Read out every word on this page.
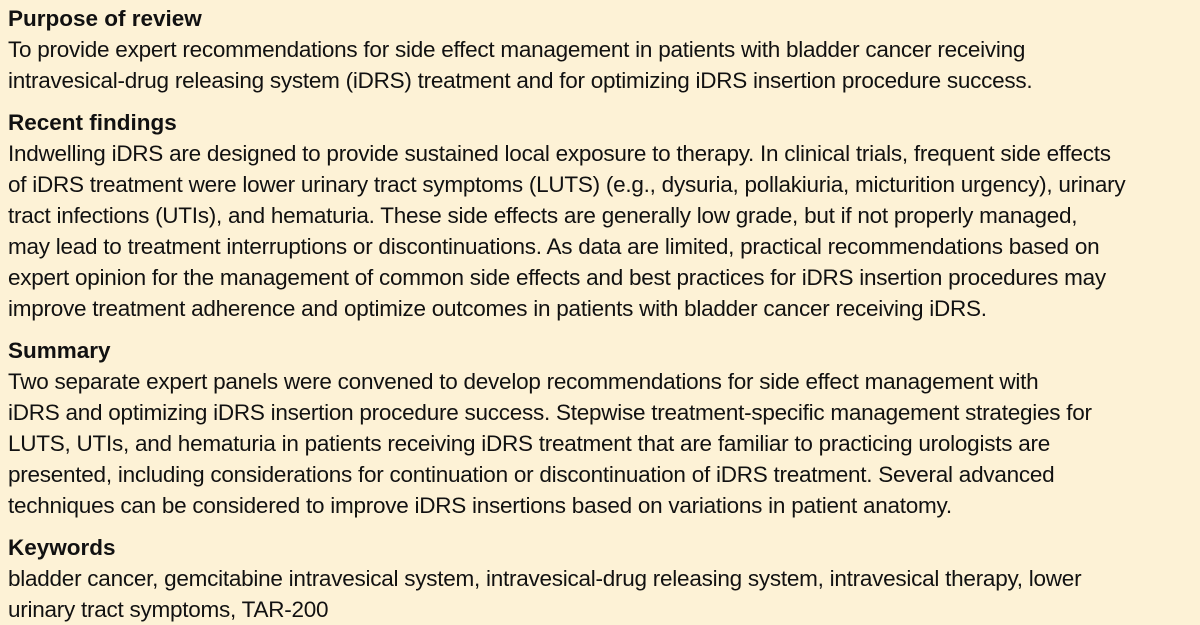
Purpose of review

To provide expert recommendations for side effect management in patients with bladder cancer receiving

intravesical-drug releasing system (iDRS) treatment and for optimizing iDRS insertion procedure success.

Recent findings

Indwelling iDRS are designed to provide sustained local exposure to therapy. In clinical trials, frequent side effects

of iDRS treatment were lower urinary tract symptoms (LUTS) (e.g., dysuria, pollakiuria, micturition urgency), urinary

tract infections (UTIs), and hematuria. These side effects are generally low grade, but if not properly managed,

may lead to treatment interruptions or discontinuations. As data are limited, practical recommendations based on

expert opinion for the management of common side effects and best practices for iDRS insertion procedures may

improve treatment adherence and optimize outcomes in patients with bladder cancer receiving iDRS.

Summary

Two separate expert panels were convened to develop recommendations for side effect management with

iDRS and optimizing iDRS insertion procedure success. Stepwise treatment-specific management strategies for

LUTS, UTIs, and hematuria in patients receiving iDRS treatment that are familiar to practicing urologists are

presented, including considerations for continuation or discontinuation of iDRS treatment. Several advanced

techniques can be considered to improve iDRS insertions based on variations in patient anatomy.

Keywords

bladder cancer, gemcitabine intravesical system, intravesical-drug releasing system, intravesical therapy, lower

urinary tract symptoms, TAR-200
